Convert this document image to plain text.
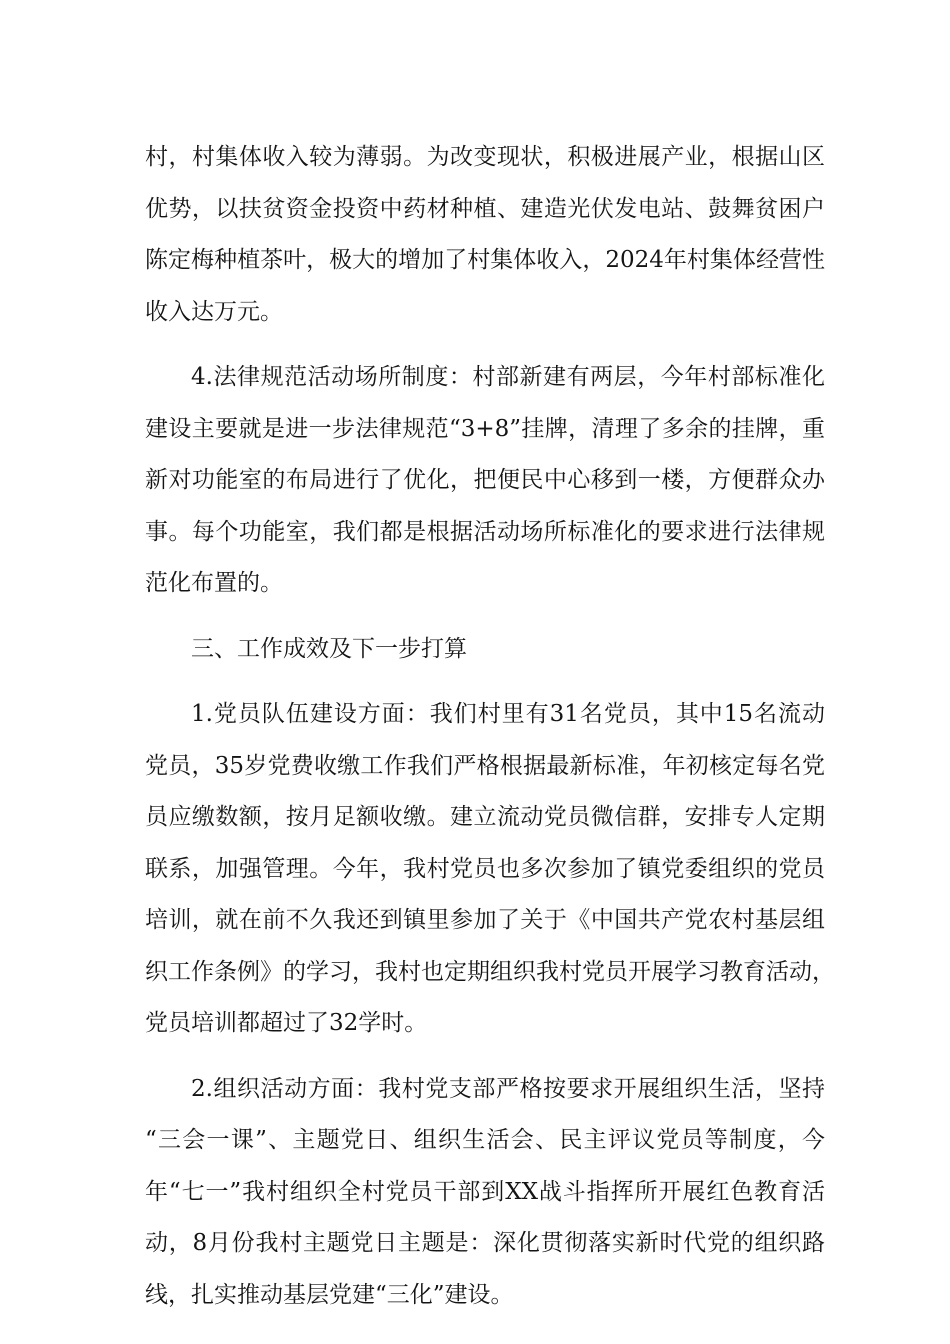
村，村集体收入较为薄弱。为改变现状，积极进展产业，根据山区
优势，以扶贫资金投资中药材种植、建造光伏发电站、鼓舞贫困户
陈定梅种植茶叶，极大的增加了村集体收入，2024年村集体经营性
收入达万元。

4.法律规范活动场所制度：村部新建有两层，今年村部标准化
建设主要就是进一步法律规范“3+8”挂牌，清理了多余的挂牌，重
新对功能室的布局进行了优化，把便民中心移到一楼，方便群众办
事。每个功能室，我们都是根据活动场所标准化的要求进行法律规
范化布置的。

三、工作成效及下一步打算

1.党员队伍建设方面：我们村里有31名党员，其中15名流动
党员，35岁党费收缴工作我们严格根据最新标准，年初核定每名党
员应缴数额，按月足额收缴。建立流动党员微信群，安排专人定期
联系，加强管理。今年，我村党员也多次参加了镇党委组织的党员
培训，就在前不久我还到镇里参加了关于《中国共产党农村基层组
织工作条例》的学习，我村也定期组织我村党员开展学习教育活动，
党员培训都超过了32学时。

2.组织活动方面：我村党支部严格按要求开展组织生活，坚持
“三会一课”、主题党日、组织生活会、民主评议党员等制度，今
年“七一”我村组织全村党员干部到XX战斗指挥所开展红色教育活
动，8月份我村主题党日主题是：深化贯彻落实新时代党的组织路
线，扎实推动基层党建“三化”建设。
